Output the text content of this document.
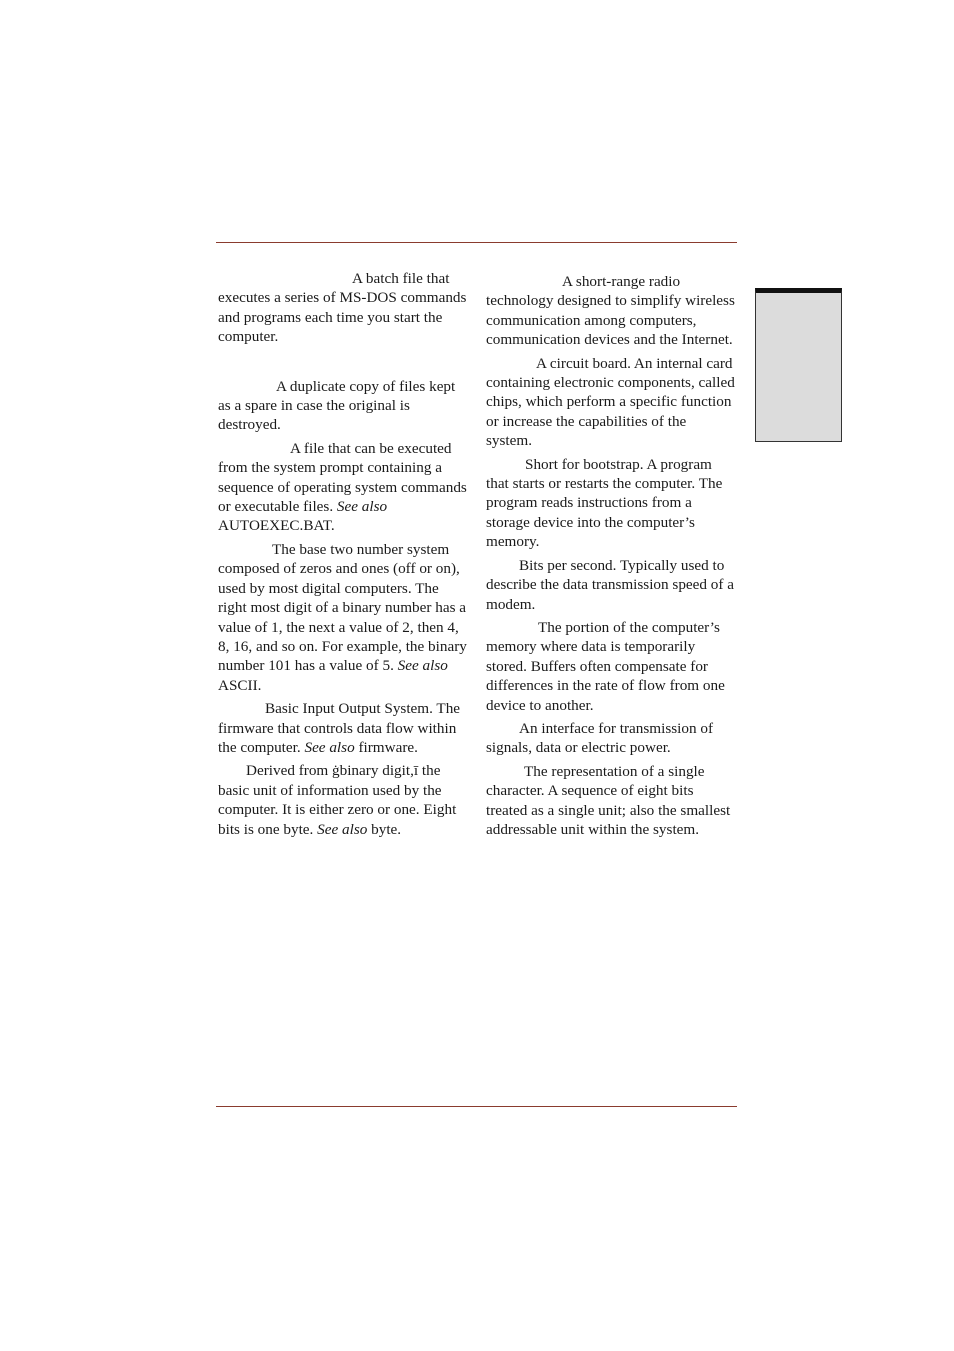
A batch file that executes a series of MS-DOS commands and programs each time you start the computer.

A duplicate copy of files kept as a spare in case the original is destroyed.

A file that can be executed from the system prompt containing a sequence of operating system commands or executable files. See also AUTOEXEC.BAT.

The base two number system composed of zeros and ones (off or on), used by most digital computers. The right most digit of a binary number has a value of 1, the next a value of 2, then 4, 8, 16, and so on. For example, the binary number 101 has a value of 5. See also ASCII.

Basic Input Output System. The firmware that controls data flow within the computer. See also firmware.

Derived from ġbinary digit,ī the basic unit of information used by the computer. It is either zero or one. Eight bits is one byte. See also byte.

A short-range radio technology designed to simplify wireless communication among computers, communication devices and the Internet.

A circuit board. An internal card containing electronic components, called chips, which perform a specific function or increase the capabilities of the system.

Short for bootstrap. A program that starts or restarts the computer. The program reads instructions from a storage device into the computer’s memory.

Bits per second. Typically used to describe the data transmission speed of a modem.

The portion of the computer’s memory where data is temporarily stored. Buffers often compensate for differences in the rate of flow from one device to another.

An interface for transmission of signals, data or electric power.

The representation of a single character. A sequence of eight bits treated as a single unit; also the smallest addressable unit within the system.
